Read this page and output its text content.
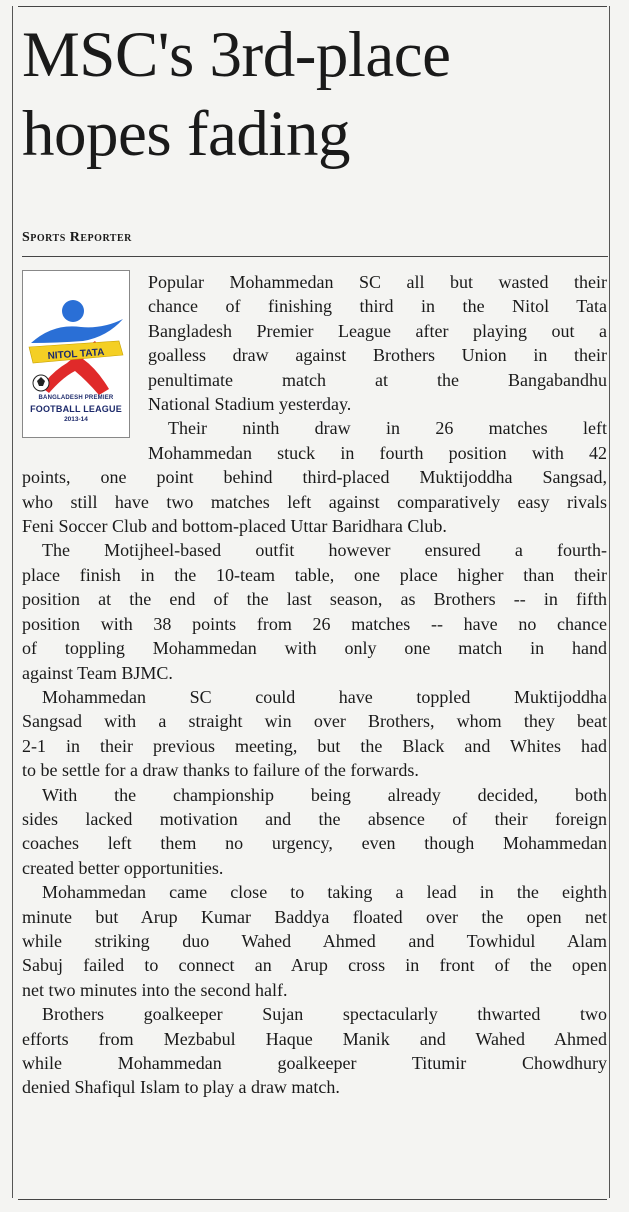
MSC's 3rd-place
hopes fading
Sports Reporter
NITOL TATA
BANGLADESH PREMIER
FOOTBALL LEAGUE
2013-14

Popular Mohammedan SC all but wasted their

chance of finishing third in the Nitol Tata

Bangladesh Premier League after playing out a

goalless draw against Brothers Union in their

penultimate match at the Bangabandhu

National Stadium yesterday.

Their ninth draw in 26 matches left

Mohammedan stuck in fourth position with 42

points, one point behind third-placed Muktijoddha Sangsad,

who still have two matches left against comparatively easy rivals

Feni Soccer Club and bottom-placed Uttar Baridhara Club.

The Motijheel-based outfit however ensured a fourth-

place finish in the 10-team table, one place higher than their

position at the end of the last season, as Brothers -- in fifth

position with 38 points from 26 matches -- have no chance

of toppling Mohammedan with only one match in hand

against Team BJMC.

Mohammedan SC could have toppled Muktijoddha

Sangsad with a straight win over Brothers, whom they beat

2-1 in their previous meeting, but the Black and Whites had

to be settle for a draw thanks to failure of the forwards.

With the championship being already decided, both

sides lacked motivation and the absence of their foreign

coaches left them no urgency, even though Mohammedan

created better opportunities.

Mohammedan came close to taking a lead in the eighth

minute but Arup Kumar Baddya floated over the open net

while striking duo Wahed Ahmed and Towhidul Alam

Sabuj failed to connect an Arup cross in front of the open

net two minutes into the second half.

Brothers goalkeeper Sujan spectacularly thwarted two

efforts from Mezbabul Haque Manik and Wahed Ahmed

while Mohammedan goalkeeper Titumir Chowdhury

denied Shafiqul Islam to play a draw match.
